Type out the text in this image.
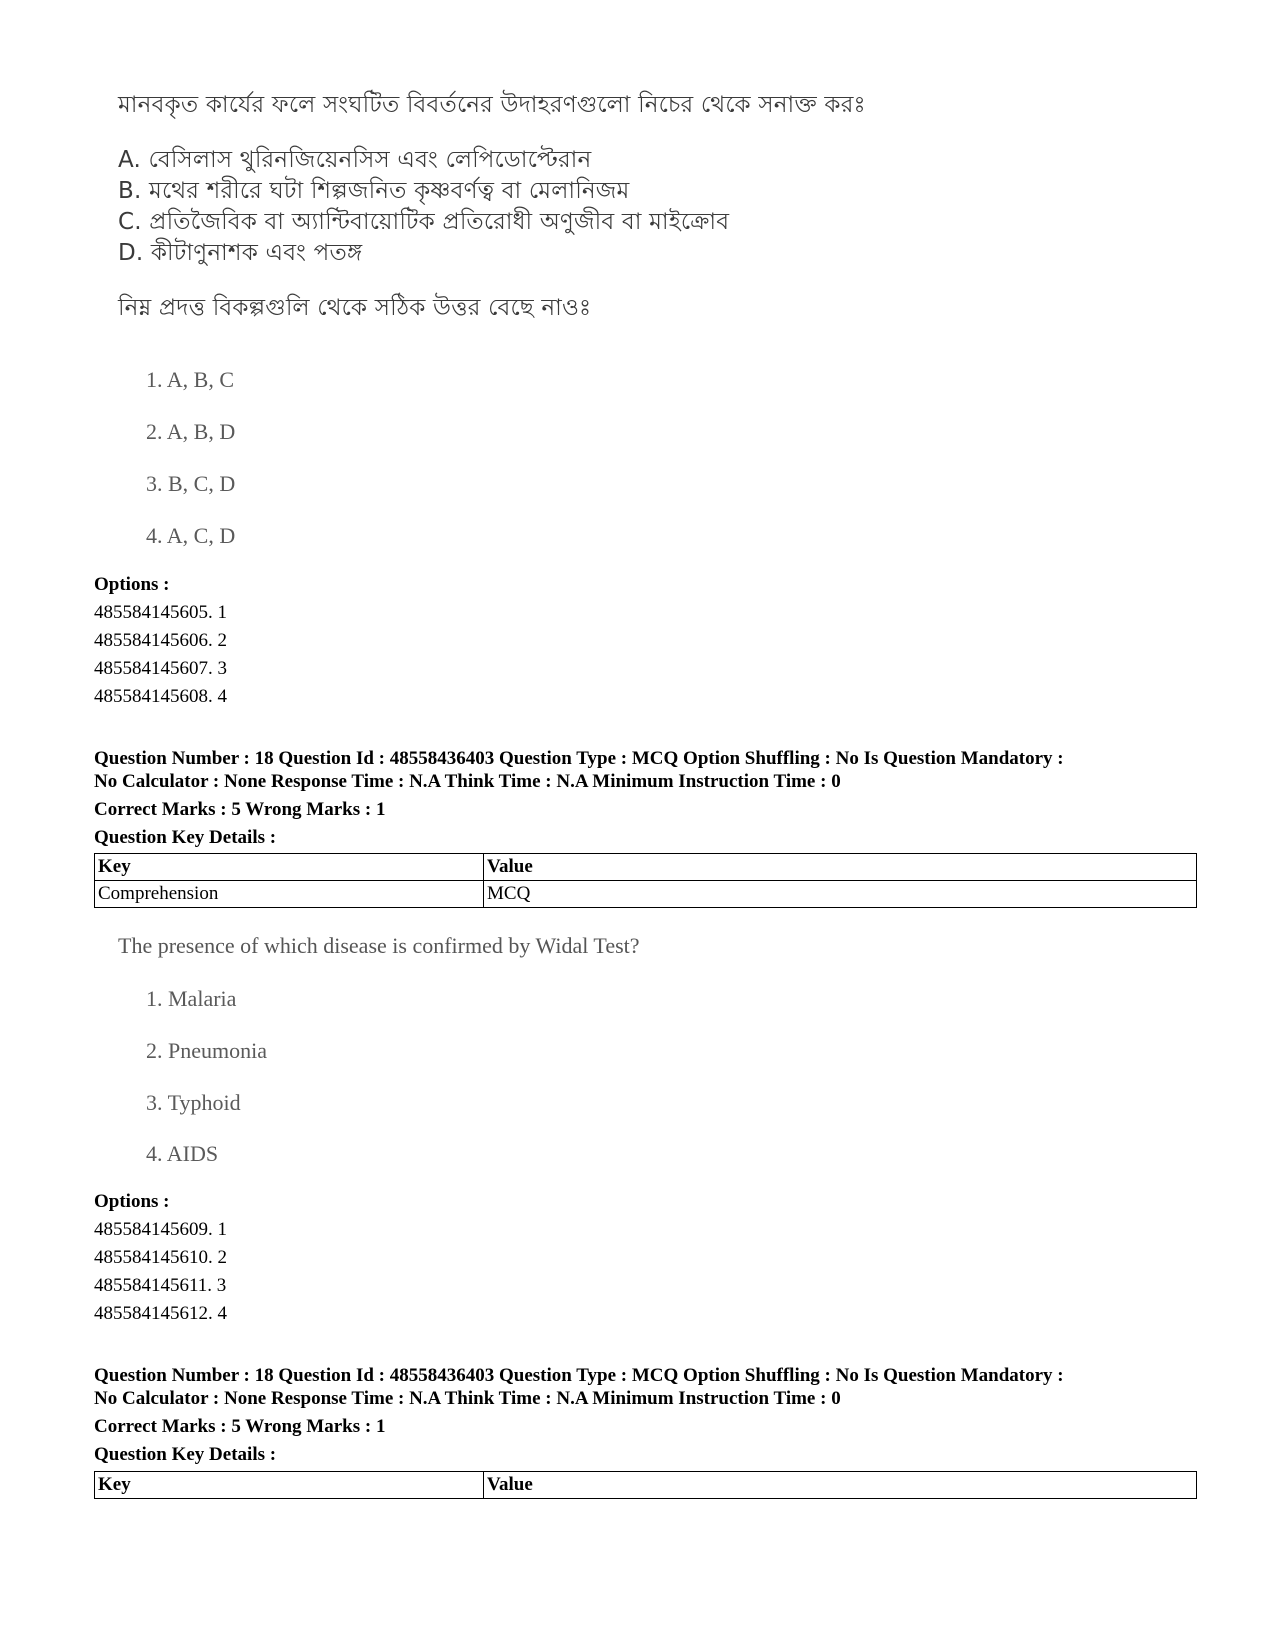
মানবকৃত কার্যের ফলে সংঘটিত বিবর্তনের উদাহরণগুলো নিচের থেকে সনাক্ত করঃ
A. বেসিলাস থুরিনজিয়েনসিস এবং লেপিডোপ্টেরান
B. মথের শরীরে ঘটা শিল্পজনিত কৃষ্ণবর্ণত্ব বা মেলানিজম
C. প্রতিজৈবিক বা অ্যান্টিবায়োটিক প্রতিরোধী অণুজীব বা মাইক্রোব
D. কীটাণুনাশক এবং পতঙ্গ
নিম্ন প্রদত্ত বিকল্পগুলি থেকে সঠিক উত্তর বেছে নাওঃ
1. A, B, C
2. A, B, D
3. B, C, D
4. A, C, D
Options :
485584145605. 1
485584145606. 2
485584145607. 3
485584145608. 4
Question Number : 18 Question Id : 48558436403 Question Type : MCQ Option Shuffling : No Is Question Mandatory :
No Calculator : None Response Time : N.A Think Time : N.A Minimum Instruction Time : 0
Correct Marks : 5 Wrong Marks : 1
Question Key Details :
Key	Value
Comprehension	MCQ
The presence of which disease is confirmed by Widal Test?
1. Malaria
2. Pneumonia
3. Typhoid
4. AIDS
Options :
485584145609. 1
485584145610. 2
485584145611. 3
485584145612. 4
Question Number : 18 Question Id : 48558436403 Question Type : MCQ Option Shuffling : No Is Question Mandatory :
No Calculator : None Response Time : N.A Think Time : N.A Minimum Instruction Time : 0
Correct Marks : 5 Wrong Marks : 1
Question Key Details :
Key	Value
